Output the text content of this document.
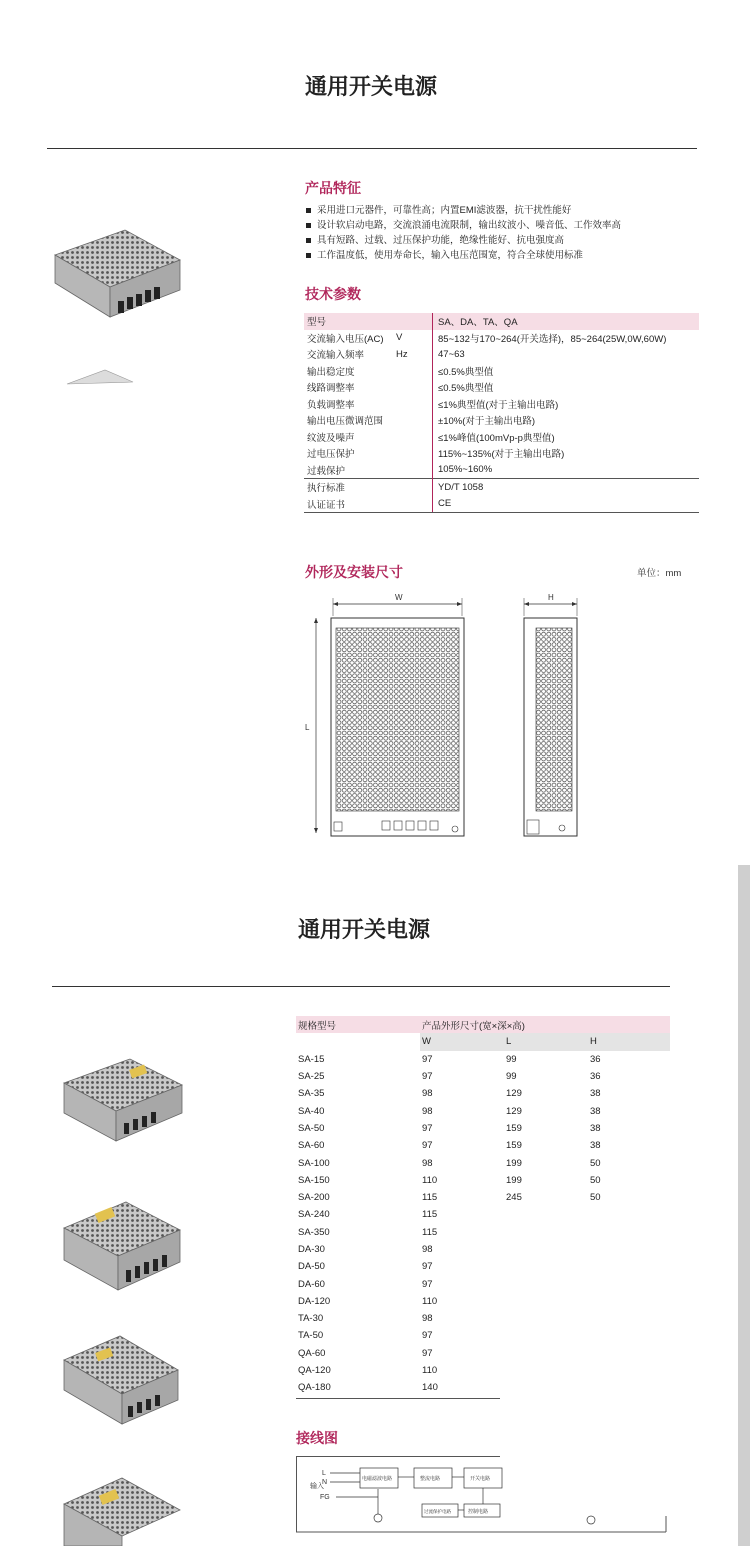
通用开关电源
产品特征
采用进口元器件，可靠性高；内置EMI滤波器，抗干扰性能好
设计软启动电路，交流浪涌电流限制，输出纹波小、噪音低、工作效率高
具有短路、过载、过压保护功能，绝缘性能好、抗电强度高
工作温度低，使用寿命长，输入电压范围宽，符合全球使用标准
技术参数
型号		SA、DA、TA、QA
交流输入电压(AC)	V	85~132与170~264(开关选择)，85~264(25W,0W,60W)
交流输入频率	Hz	47~63
输出稳定度		≤0.5%典型值
线路调整率		≤0.5%典型值
负载调整率		≤1%典型值(对于主输出电路)
输出电压微调范围		±10%(对于主输出电路)
纹波及噪声		≤1%峰值(100mVp-p典型值)
过电压保护		115%~135%(对于主输出电路)
过载保护		105%~160%
执行标准		YD/T 1058
认证证书		CE
外形及安装尺寸	单位：mm
W
L
H
通用开关电源
规格型号	产品外形尺寸(宽×深×高)		
	W	L	H
SA-15	97	99	36
SA-25	97	99	36
SA-35	98	129	38
SA-40	98	129	38
SA-50	97	159	38
SA-60	97	159	38
SA-100	98	199	50
SA-150	110	199	50
SA-200	115	245	50
SA-240	115		
SA-350	115		
DA-30	98		
DA-50	97		
DA-60	97		
DA-120	110		
TA-30	98		
TA-50	97		
QA-60	97		
QA-120	110		
QA-180	140		
接线图
L
N
FG
输入
电磁滤波电路	整流电路	开关电路
过流保护电路	控制电路
